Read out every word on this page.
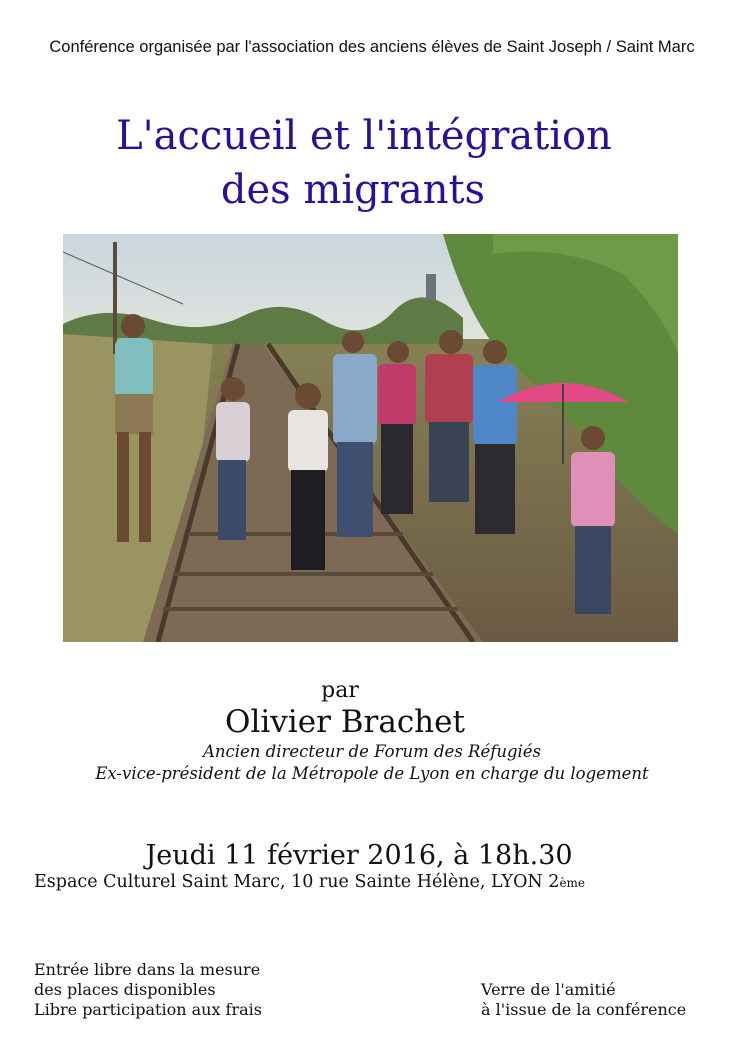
Conférence organisée par l'association des anciens élèves de Saint Joseph / Saint Marc
L'accueil et l'intégration
des migrants
par
Olivier Brachet
Ancien directeur de Forum des Réfugiés
Ex-vice-président de la Métropole de Lyon en charge du logement
Jeudi 11 février 2016, à 18h.30
Espace Culturel Saint Marc, 10 rue Sainte Hélène, LYON 2ème
Entrée libre dans la mesure
des places disponibles
Libre participation aux frais
Verre de l'amitié
à l'issue de la conférence
